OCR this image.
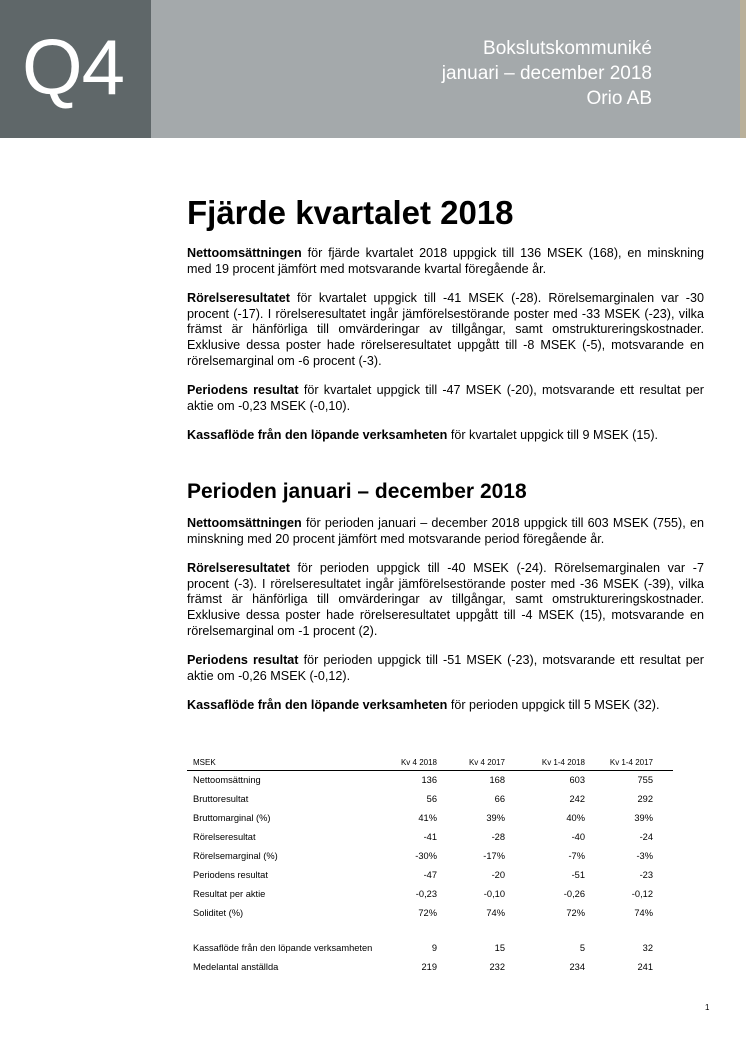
Q4	Bokslutskommuniké
januari – december 2018
Orio AB
Fjärde kvartalet 2018

Nettoomsättningen för fjärde kvartalet 2018 uppgick till 136 MSEK (168), en minskning med 19 procent jämfört med motsvarande kvartal föregående år.

Rörelseresultatet för kvartalet uppgick till -41 MSEK (-28). Rörelsemarginalen var -30 procent (-17). I rörelseresultatet ingår jämförelsestörande poster med -33 MSEK (-23), vilka främst är hänförliga till omvärderingar av tillgångar, samt omstruktureringskostnader. Exklusive dessa poster hade rörelseresultatet uppgått till -8 MSEK (-5), motsvarande en rörelsemarginal om -6 procent (-3).

Periodens resultat för kvartalet uppgick till -47 MSEK (-20), motsvarande ett resultat per aktie om -0,23 MSEK (-0,10).

Kassaflöde från den löpande verksamheten för kvartalet uppgick till 9 MSEK (15).

Perioden januari – december 2018

Nettoomsättningen för perioden januari – december 2018 uppgick till 603 MSEK (755), en minskning med 20 procent jämfört med motsvarande period föregående år.

Rörelseresultatet för perioden uppgick till -40 MSEK (-24). Rörelsemarginalen var -7 procent (-3). I rörelseresultatet ingår jämförelsestörande poster med -36 MSEK (-39), vilka främst är hänförliga till omvärderingar av tillgångar, samt omstruktureringskostnader. Exklusive dessa poster hade rörelseresultatet uppgått till -4 MSEK (15), motsvarande en rörelsemarginal om -1 procent (2).

Periodens resultat för perioden uppgick till -51 MSEK (-23), motsvarande ett resultat per aktie om -0,26 MSEK (-0,12).

Kassaflöde från den löpande verksamheten för perioden uppgick till 5 MSEK (32).

MSEK	Kv 4 2018	Kv 4 2017	Kv 1-4 2018	Kv 1-4 2017
Nettoomsättning	136	168	603	755
Bruttoresultat	56	66	242	292
Bruttomarginal (%)	41%	39%	40%	39%
Rörelseresultat	-41	-28	-40	-24
Rörelsemarginal (%)	-30%	-17%	-7%	-3%
Periodens resultat	-47	-20	-51	-23
Resultat per aktie	-0,23	-0,10	-0,26	-0,12
Soliditet (%)	72%	74%	72%	74%
Kassaflöde från den löpande verksamheten	9	15	5	32
Medelantal anställda	219	232	234	241
1
